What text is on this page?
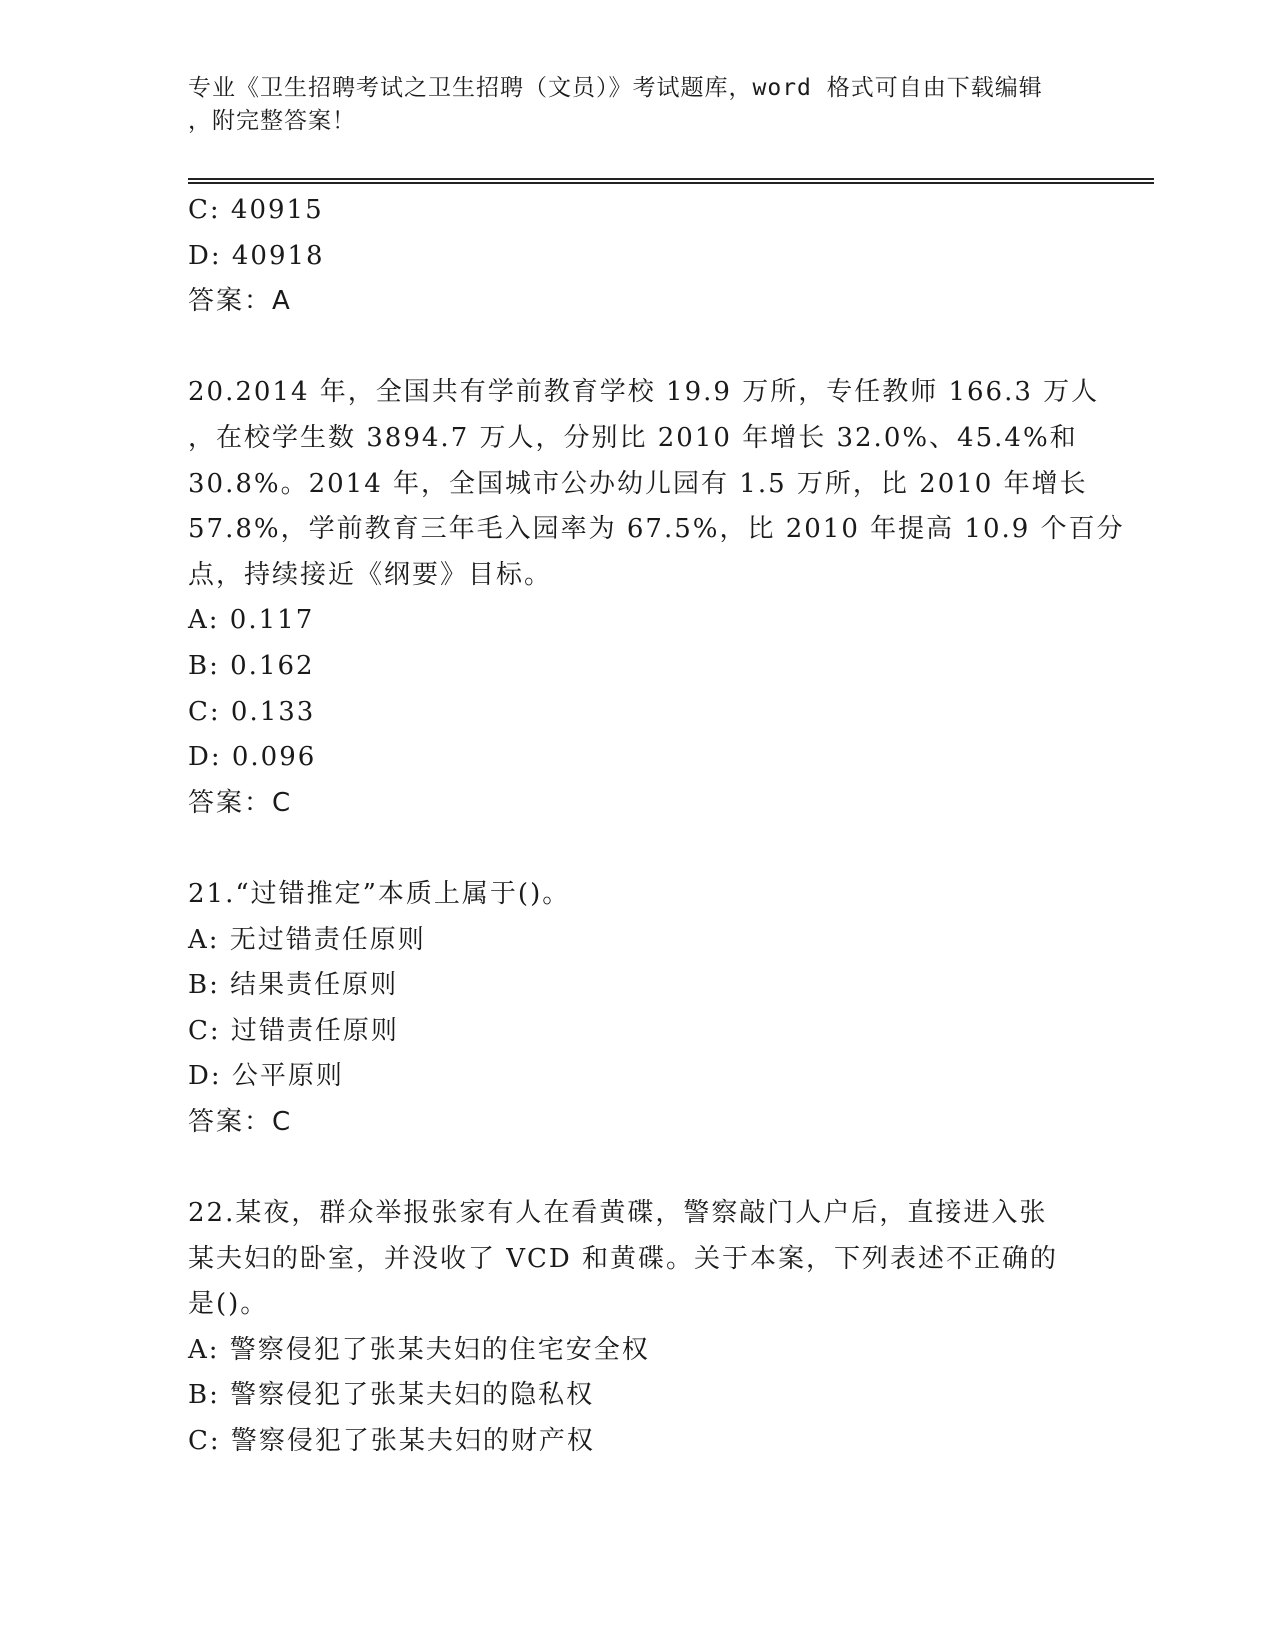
专业《卫生招聘考试之卫生招聘（文员）》考试题库，word 格式可自由下载编辑
，附完整答案！

C: 40915

D: 40918

答案：A

20.2014 年，全国共有学前教育学校 19.9 万所，专任教师 166.3 万人

，在校学生数 3894.7 万人，分别比 2010 年增长 32.0%、45.4%和

30.8%。2014 年，全国城市公办幼儿园有 1.5 万所，比 2010 年增长

57.8%，学前教育三年毛入园率为 67.5%，比 2010 年提高 10.9 个百分

点，持续接近《纲要》目标。

A: 0.117

B: 0.162

C: 0.133

D: 0.096

答案：C

21.“过错推定”本质上属于()。

A: 无过错责任原则

B: 结果责任原则

C: 过错责任原则

D: 公平原则

答案：C

22.某夜，群众举报张家有人在看黄碟，警察敲门人户后，直接进入张

某夫妇的卧室，并没收了 VCD 和黄碟。关于本案，下列表述不正确的

是()。

A: 警察侵犯了张某夫妇的住宅安全权

B: 警察侵犯了张某夫妇的隐私权

C: 警察侵犯了张某夫妇的财产权
